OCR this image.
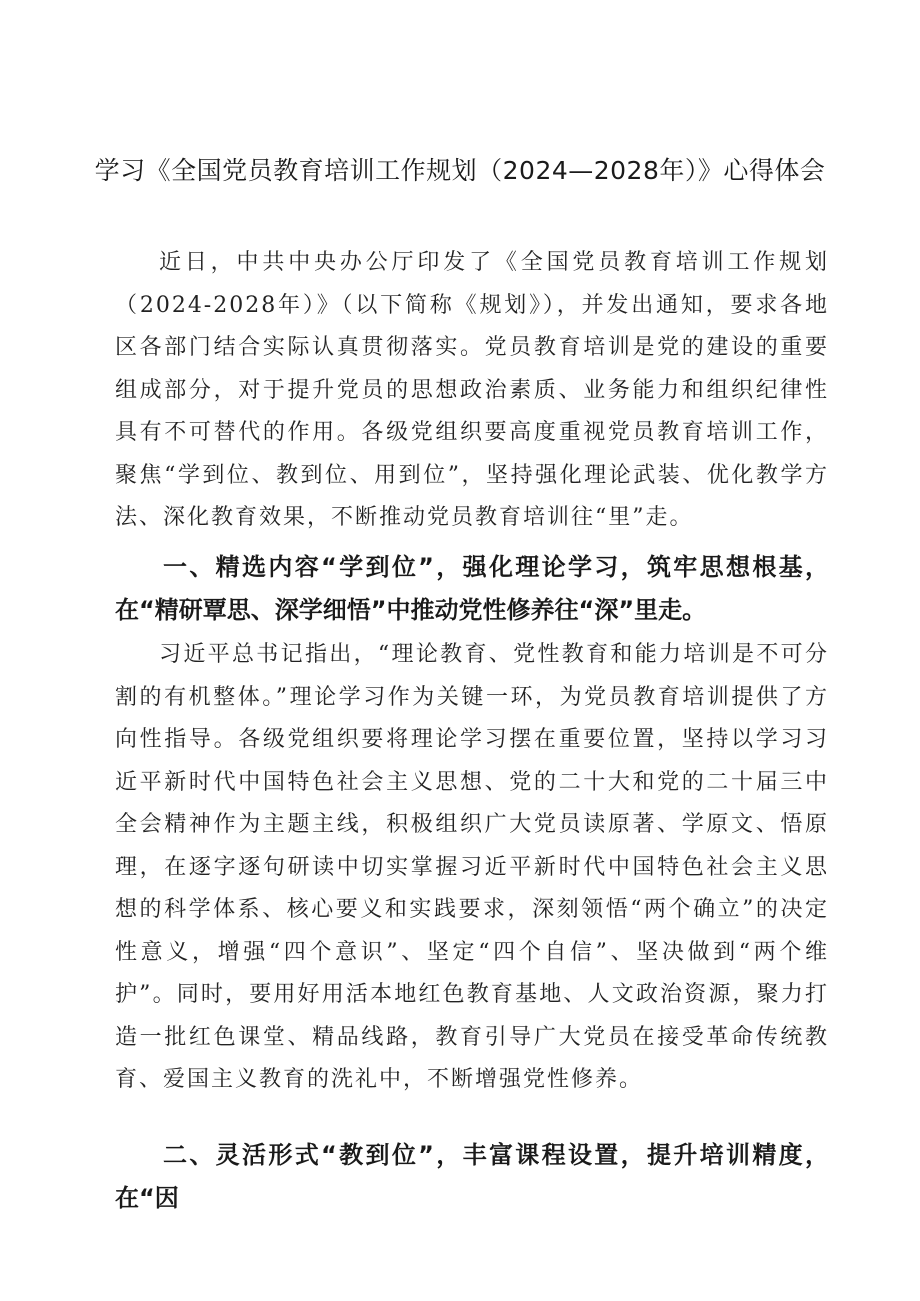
学习《全国党员教育培训工作规划（2024—2028年）》心得体会

近日，中共中央办公厅印发了《全国党员教育培训工作规划（2024-2028年）》（以下简称《规划》），并发出通知，要求各地区各部门结合实际认真贯彻落实。党员教育培训是党的建设的重要组成部分，对于提升党员的思想政治素质、业务能力和组织纪律性具有不可替代的作用。各级党组织要高度重视党员教育培训工作，聚焦“学到位、教到位、用到位”，坚持强化理论武装、优化教学方法、深化教育效果，不断推动党员教育培训往“里”走。

一、精选内容“学到位”，强化理论学习，筑牢思想根基，在“精研覃思、深学细悟”中推动党性修养往“深”里走。

习近平总书记指出，“理论教育、党性教育和能力培训是不可分割的有机整体。”理论学习作为关键一环，为党员教育培训提供了方向性指导。各级党组织要将理论学习摆在重要位置，坚持以学习习近平新时代中国特色社会主义思想、党的二十大和党的二十届三中全会精神作为主题主线，积极组织广大党员读原著、学原文、悟原理，在逐字逐句研读中切实掌握习近平新时代中国特色社会主义思想的科学体系、核心要义和实践要求，深刻领悟“两个确立”的决定性意义，增强“四个意识”、坚定“四个自信”、坚决做到“两个维护”。同时，要用好用活本地红色教育基地、人文政治资源，聚力打造一批红色课堂、精品线路，教育引导广大党员在接受革命传统教育、爱国主义教育的洗礼中，不断增强党性修养。

二、灵活形式“教到位”，丰富课程设置，提升培训精度，在“因
